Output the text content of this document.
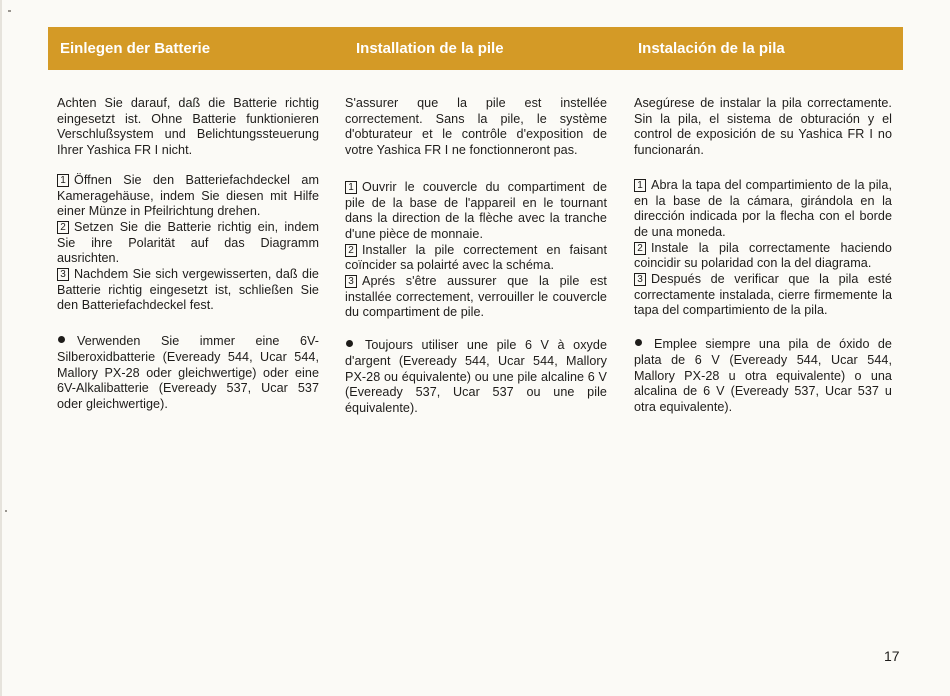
Einlegen der Batterie	Installation de la pile	Instalación de la pila
Achten Sie darauf, daß die Batterie richtig eingesetzt ist. Ohne Batterie funktionieren Verschlußsystem und Belichtungssteuerung Ihrer Yashica FR I nicht.

1 Öffnen Sie den Batteriefachdeckel am Kameragehäuse, indem Sie diesen mit Hilfe einer Münze in Pfeilrichtung drehen.

2 Setzen Sie die Batterie richtig ein, indem Sie ihre Polarität auf das Diagramm ausrichten.

3 Nachdem Sie sich vergewisserten, daß die Batterie richtig eingesetzt ist, schließen Sie den Batteriefachdeckel fest.

Verwenden Sie immer eine 6V-Silberoxidbatterie (Eveready 544, Ucar 544, Mallory PX-28 oder gleichwertige) oder eine 6V-Alkalibatterie (Eveready 537, Ucar 537 oder gleichwertige).
S'assurer que la pile est instellée correctement. Sans la pile, le système d'obturateur et le contrôle d'exposition de votre Yashica FR I ne fonctionneront pas.

1 Ouvrir le couvercle du compartiment de pile de la base de l'appareil en le tournant dans la direction de la flèche avec la tranche d'une pièce de monnaie.

2 Installer la pile correctement en faisant coïncider sa polairté avec la schéma.

3 Aprés s'être aussurer que la pile est installée correctement, verrouiller le couvercle du compartiment de pile.

Toujours utiliser une pile 6 V à oxyde d'argent (Eveready 544, Ucar 544, Mallory PX-28 ou équivalente) ou une pile alcaline 6 V (Eveready 537, Ucar 537 ou une pile équivalente).
Asegúrese de instalar la pila correctamente. Sin la pila, el sistema de obturación y el control de exposición de su Yashica FR I no funcionarán.

1 Abra la tapa del compartimiento de la pila, en la base de la cámara, girándola en la dirección indicada por la flecha con el borde de una moneda.

2 Instale la pila correctamente haciendo coincidir su polaridad con la del diagrama.

3 Después de verificar que la pila esté correctamente instalada, cierre firmemente la tapa del compartimiento de la pila.

Emplee siempre una pila de óxido de plata de 6 V (Eveready 544, Ucar 544, Mallory PX-28 u otra equivalente) o una alcalina de 6 V (Eveready 537, Ucar 537 u otra equivalente).
17
